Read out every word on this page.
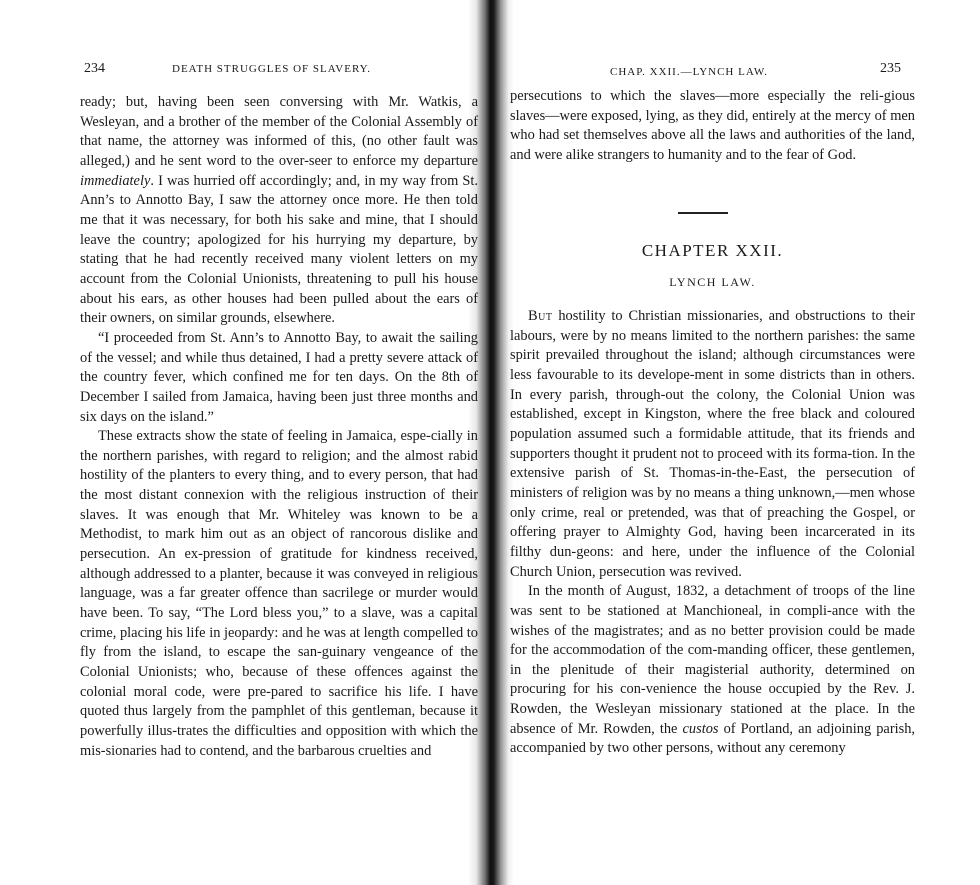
234	DEATH STRUGGLES OF SLAVERY.

ready; but, having been seen conversing with Mr. Watkis, a Wesleyan, and a brother of the member of the Colonial Assembly of that name, the attorney was informed of this, (no other fault was alleged,) and he sent word to the over-seer to enforce my departure immediately. I was hurried off accordingly; and, in my way from St. Ann’s to Annotto Bay, I saw the attorney once more. He then told me that it was necessary, for both his sake and mine, that I should leave the country; apologized for his hurrying my departure, by stating that he had recently received many violent letters on my account from the Colonial Unionists, threatening to pull his house about his ears, as other houses had been pulled about the ears of their owners, on similar grounds, elsewhere.

“I proceeded from St. Ann’s to Annotto Bay, to await the sailing of the vessel; and while thus detained, I had a pretty severe attack of the country fever, which confined me for ten days. On the 8th of December I sailed from Jamaica, having been just three months and six days on the island.”

These extracts show the state of feeling in Jamaica, espe-cially in the northern parishes, with regard to religion; and the almost rabid hostility of the planters to every thing, and to every person, that had the most distant connexion with the religious instruction of their slaves. It was enough that Mr. Whiteley was known to be a Methodist, to mark him out as an object of rancorous dislike and persecution. An ex-pression of gratitude for kindness received, although addressed to a planter, because it was conveyed in religious language, was a far greater offence than sacrilege or murder would have been. To say, “The Lord bless you,” to a slave, was a capital crime, placing his life in jeopardy: and he was at length compelled to fly from the island, to escape the san-guinary vengeance of the Colonial Unionists; who, because of these offences against the colonial moral code, were pre-pared to sacrifice his life. I have quoted thus largely from the pamphlet of this gentleman, because it powerfully illus-trates the difficulties and opposition with which the mis-sionaries had to contend, and the barbarous cruelties and

CHAP. XXII.—LYNCH LAW.	235

persecutions to which the slaves—more especially the reli-gious slaves—were exposed, lying, as they did, entirely at the mercy of men who had set themselves above all the laws and authorities of the land, and were alike strangers to humanity and to the fear of God.

CHAPTER XXII.
LYNCH LAW.

But hostility to Christian missionaries, and obstructions to their labours, were by no means limited to the northern parishes: the same spirit prevailed throughout the island; although circumstances were less favourable to its develope-ment in some districts than in others. In every parish, through-out the colony, the Colonial Union was established, except in Kingston, where the free black and coloured population assumed such a formidable attitude, that its friends and supporters thought it prudent not to proceed with its forma-tion. In the extensive parish of St. Thomas-in-the-East, the persecution of ministers of religion was by no means a thing unknown,—men whose only crime, real or pretended, was that of preaching the Gospel, or offering prayer to Almighty God, having been incarcerated in its filthy dun-geons: and here, under the influence of the Colonial Church Union, persecution was revived.

In the month of August, 1832, a detachment of troops of the line was sent to be stationed at Manchioneal, in compli-ance with the wishes of the magistrates; and as no better provision could be made for the accommodation of the com-manding officer, these gentlemen, in the plenitude of their magisterial authority, determined on procuring for his con-venience the house occupied by the Rev. J. Rowden, the Wesleyan missionary stationed at the place. In the absence of Mr. Rowden, the custos of Portland, an adjoining parish, accompanied by two other persons, without any ceremony
